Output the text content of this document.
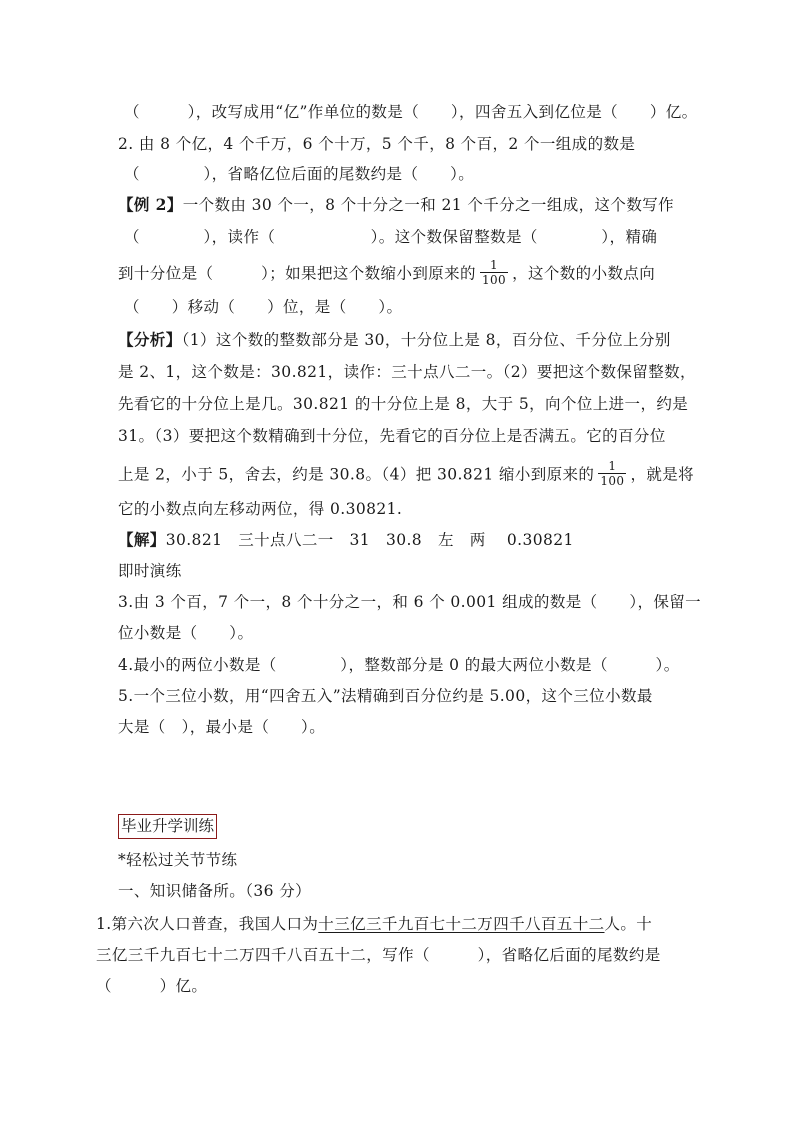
（　　　），改写成用“亿”作单位的数是（　　），四舍五入到亿位是（　　）亿。
2. 由 8 个亿，4 个千万，6 个十万，5 个千，8 个百，2 个一组成的数是
（　　　　），省略亿位后面的尾数约是（　　）。
【例 2】一个数由 30 个一，8 个十分之一和 21 个千分之一组成，这个数写作
（　　　　），读作（　　　　　　）。这个数保留整数是（　　　　），精确
到十分位是（　　　）；如果把这个数缩小到原来的 $\frac{1}{100}$ ，这个数的小数点向
（　　）移动（　　）位，是（　　）。
【分析】（1）这个数的整数部分是 30，十分位上是 8，百分位、千分位上分别
是 2、1，这个数是：30.821，读作：三十点八二一。（2）要把这个数保留整数，
先看它的十分位上是几。30.821 的十分位上是 8，大于 5，向个位上进一，约是
31。（3）要把这个数精确到十分位，先看它的百分位上是否满五。它的百分位
上是 2，小于 5，舍去，约是 30.8。（4）把 30.821 缩小到原来的 $\frac{1}{100}$ ，就是将
它的小数点向左移动两位，得 0.30821.
【解】30.821　三十点八二一　31　30.8　左　两　 0.30821
即时演练
3.由 3 个百，7 个一，8 个十分之一，和 6 个 0.001 组成的数是（　　），保留一
位小数是（　　）。
4.最小的两位小数是（　　　　），整数部分是 0 的最大两位小数是（　　　）。
5.一个三位小数，用“四舍五入”法精确到百分位约是 5.00，这个三位小数最
大是（　），最小是（　　）。
毕业升学训练
*轻松过关节节练
一、知识储备所。（36 分）
1.第六次人口普查，我国人口为十三亿三千九百七十二万四千八百五十二人。十
三亿三千九百七十二万四千八百五十二，写作（　　　），省略亿后面的尾数约是
（　　　）亿。
